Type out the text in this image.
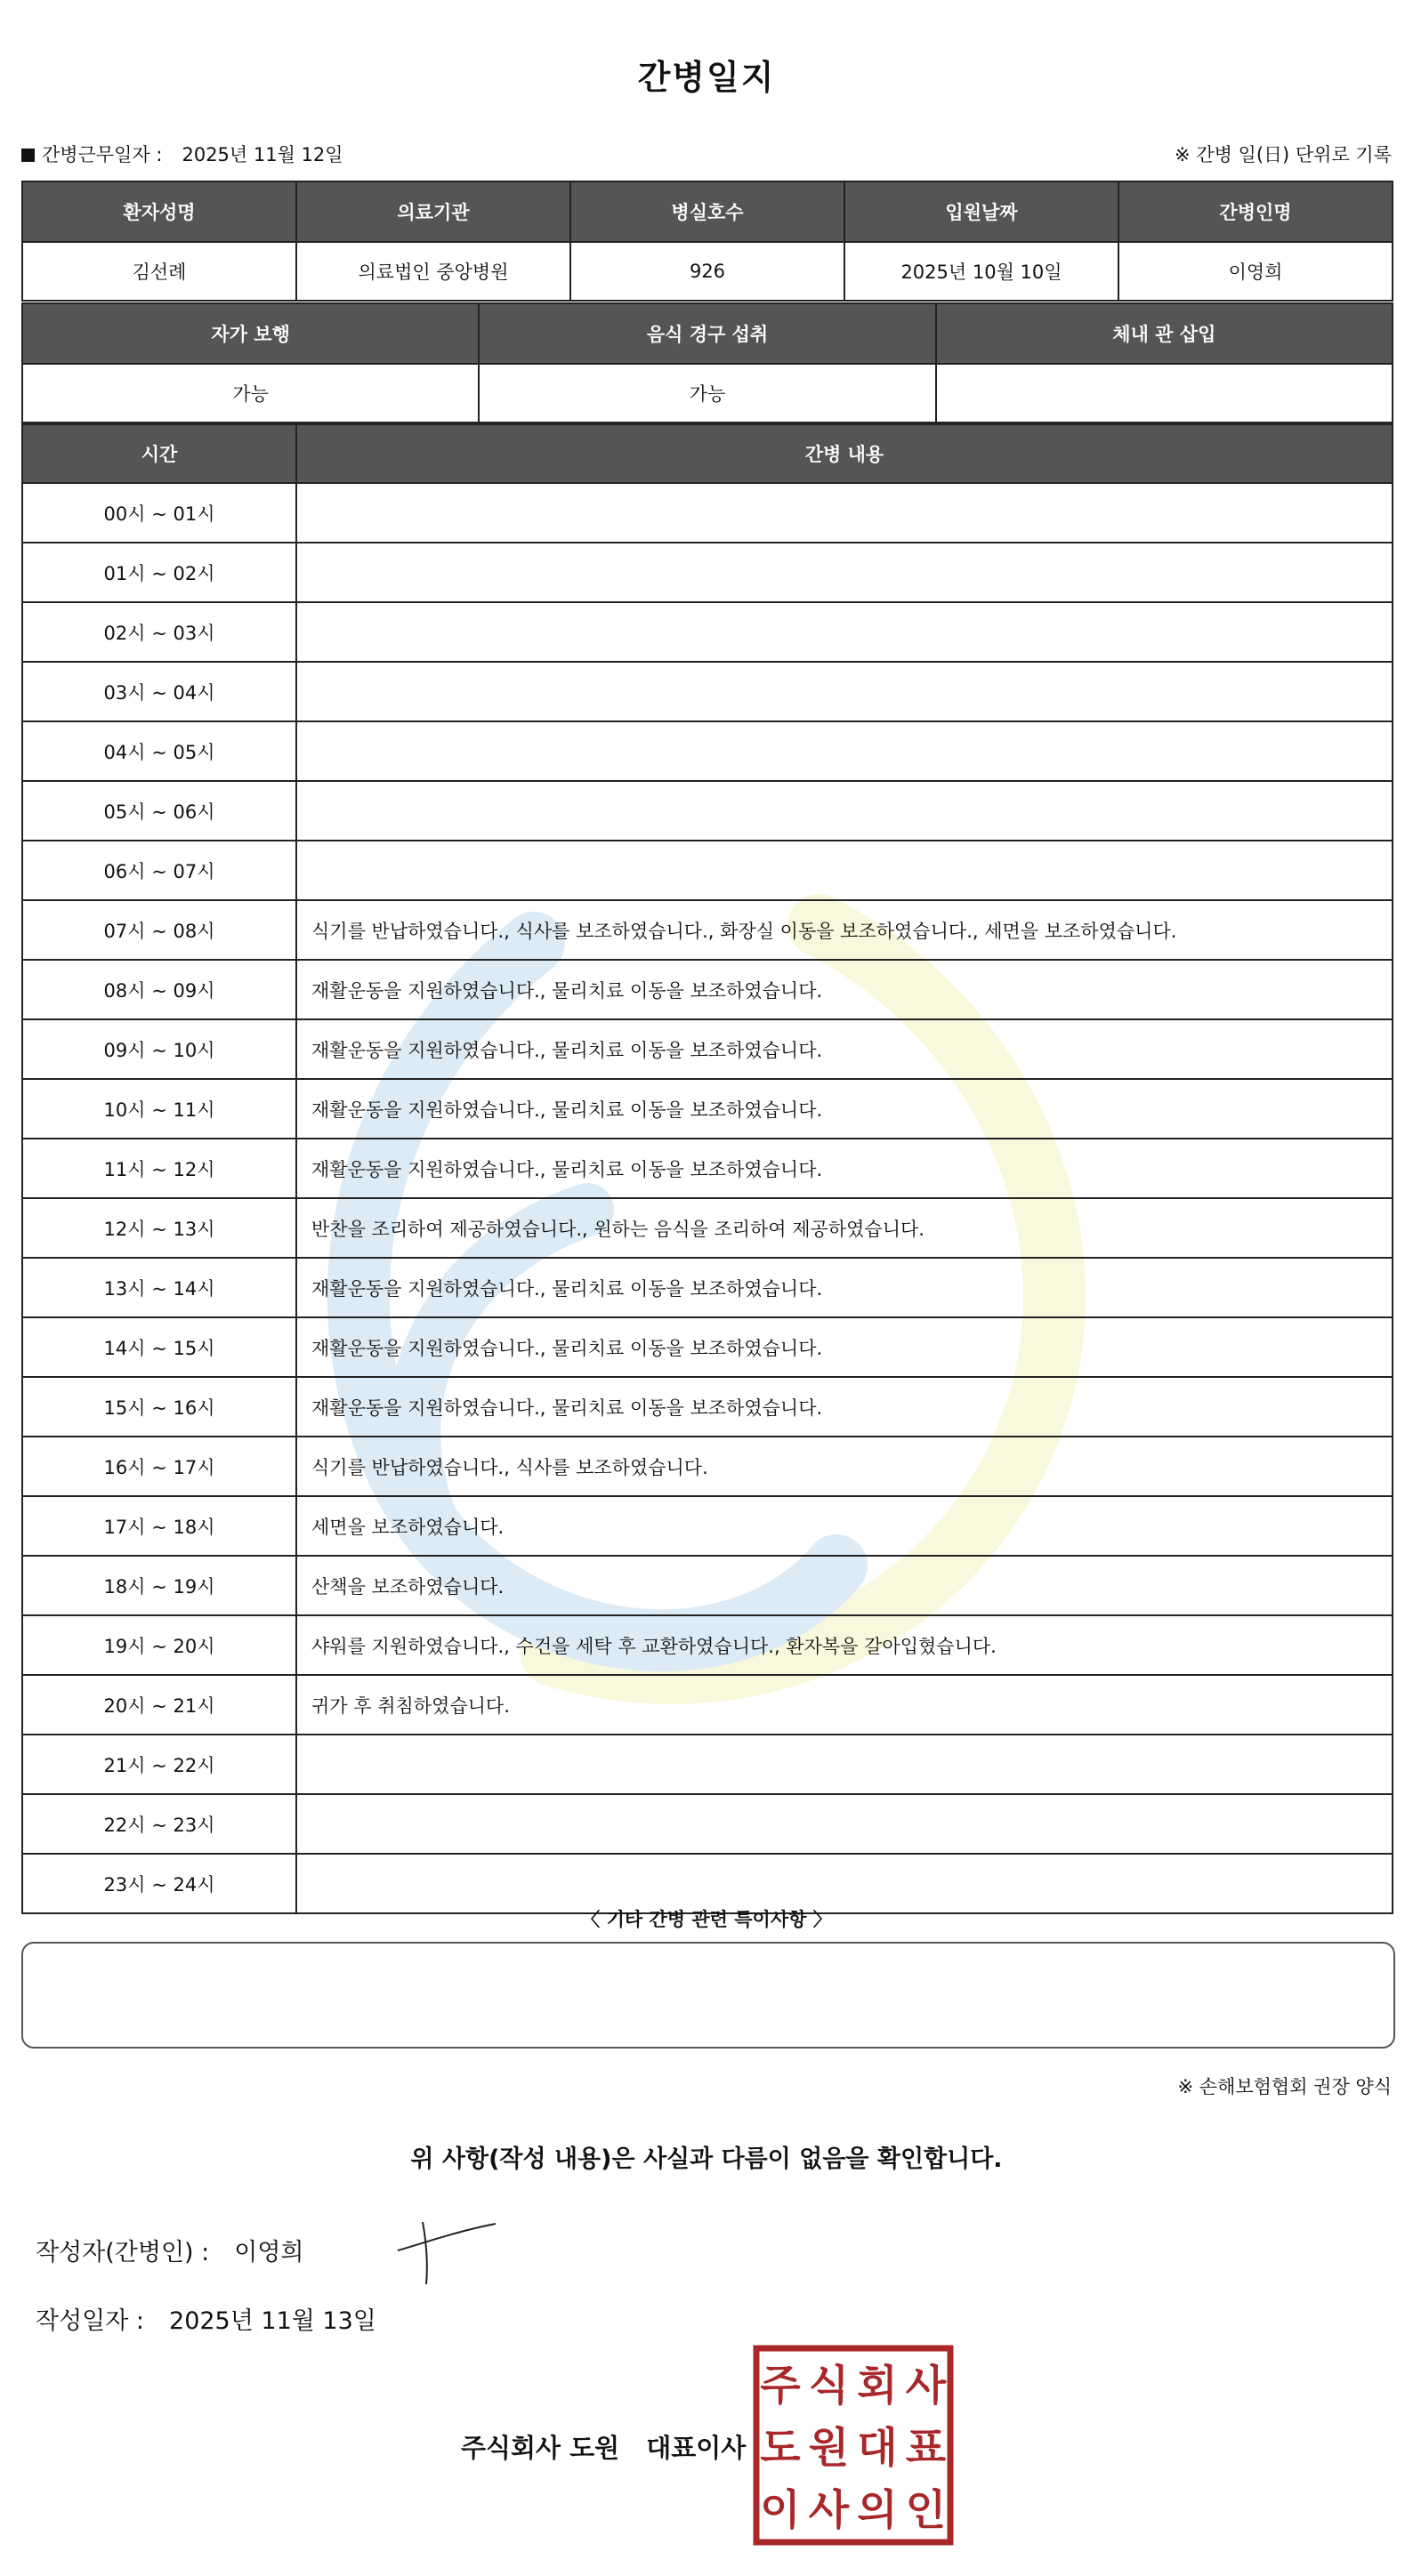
간병일지
간병근무일자 : 2025년 11월 12일	※ 간병 일(日) 단위로 기록
환자성명	의료기관	병실호수	입원날짜	간병인명
김선례	의료법인 중앙병원	926	2025년 10월 10일	이영희
자가 보행	음식 경구 섭취	체내 관 삽입
가능	가능	
시간	간병 내용
00시 ~ 01시	
01시 ~ 02시	
02시 ~ 03시	
03시 ~ 04시	
04시 ~ 05시	
05시 ~ 06시	
06시 ~ 07시	
07시 ~ 08시	식기를 반납하였습니다., 식사를 보조하였습니다., 화장실 이동을 보조하였습니다., 세면을 보조하였습니다.
08시 ~ 09시	재활운동을 지원하였습니다., 물리치료 이동을 보조하였습니다.
09시 ~ 10시	재활운동을 지원하였습니다., 물리치료 이동을 보조하였습니다.
10시 ~ 11시	재활운동을 지원하였습니다., 물리치료 이동을 보조하였습니다.
11시 ~ 12시	재활운동을 지원하였습니다., 물리치료 이동을 보조하였습니다.
12시 ~ 13시	반찬을 조리하여 제공하였습니다., 원하는 음식을 조리하여 제공하였습니다.
13시 ~ 14시	재활운동을 지원하였습니다., 물리치료 이동을 보조하였습니다.
14시 ~ 15시	재활운동을 지원하였습니다., 물리치료 이동을 보조하였습니다.
15시 ~ 16시	재활운동을 지원하였습니다., 물리치료 이동을 보조하였습니다.
16시 ~ 17시	식기를 반납하였습니다., 식사를 보조하였습니다.
17시 ~ 18시	세면을 보조하였습니다.
18시 ~ 19시	산책을 보조하였습니다.
19시 ~ 20시	샤워를 지원하였습니다., 수건을 세탁 후 교환하였습니다., 환자복을 갈아입혔습니다.
20시 ~ 21시	귀가 후 취침하였습니다.
21시 ~ 22시	
22시 ~ 23시	
23시 ~ 24시	
〈 기타 간병 관련 특이사항 〉
※ 손해보험협회 권장 양식
위 사항(작성 내용)은 사실과 다름이 없음을 확인합니다.
작성자(간병인) : 이영희
작성일자 : 2025년 11월 13일
주식회사 도원 대표이사
주 식 회 사
도 원 대 표
이 사 의 인
